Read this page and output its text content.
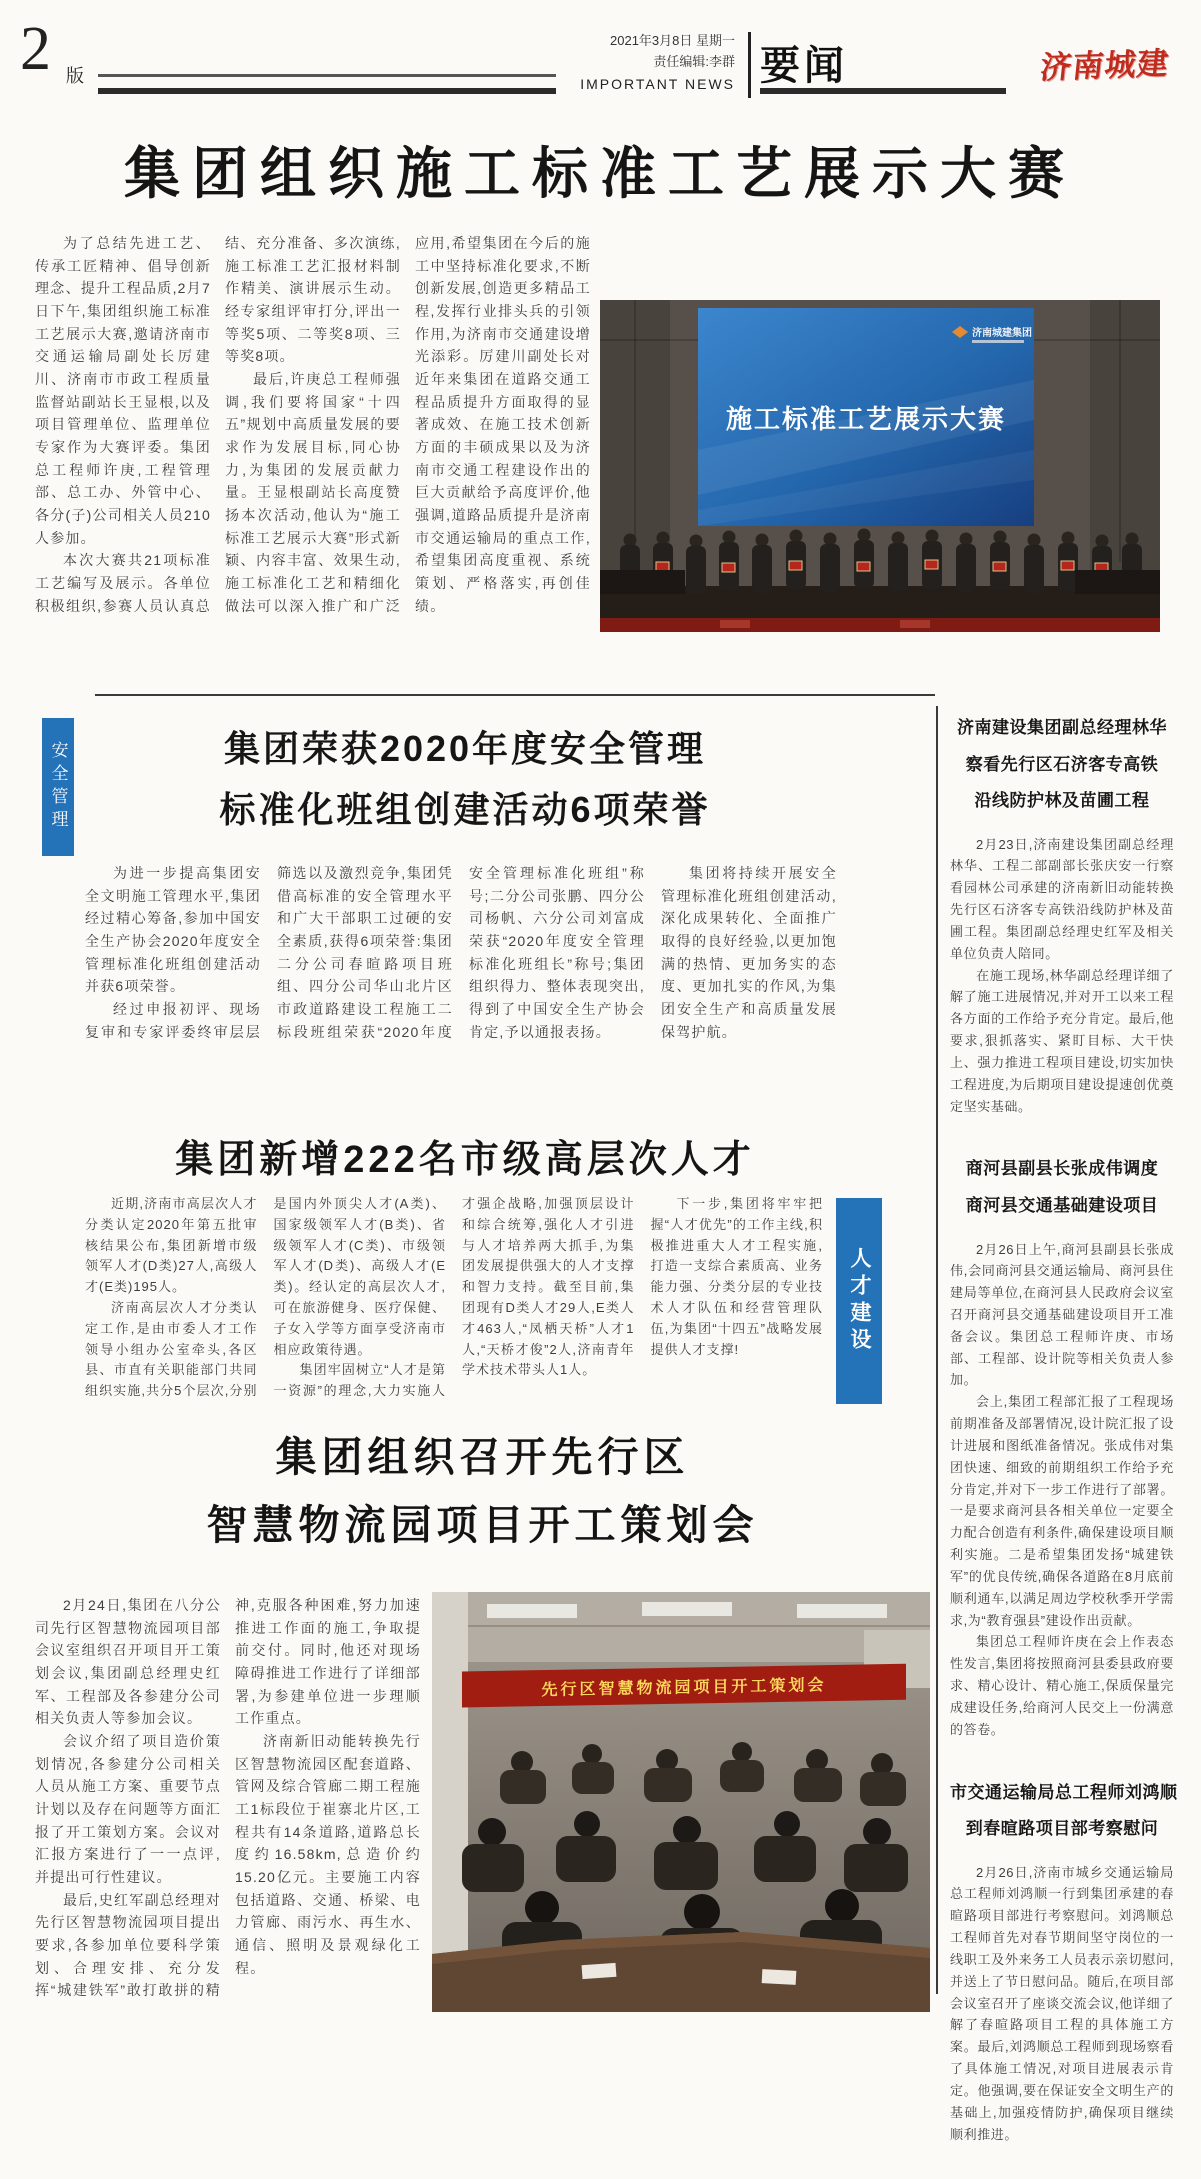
2 版
2021年3月8日 星期一
责任编辑:李群
IMPORTANT NEWS 要闻	济南城建
集团组织施工标准工艺展示大赛

为了总结先进工艺、传承工匠精神、倡导创新理念、提升工程品质,2月7日下午,集团组织施工标准工艺展示大赛,邀请济南市交通运输局副处长厉建川、济南市市政工程质量监督站副站长王显根,以及项目管理单位、监理单位专家作为大赛评委。集团总工程师许庚,工程管理部、总工办、外管中心、各分(子)公司相关人员210人参加。

本次大赛共21项标准工艺编写及展示。各单位积极组织,参赛人员认真总结、充分准备、多次演练,施工标准工艺汇报材料制作精美、演讲展示生动。经专家组评审打分,评出一等奖5项、二等奖8项、三等奖8项。

最后,许庚总工程师强调,我们要将国家“十四五”规划中高质量发展的要求作为发展目标,同心协力,为集团的发展贡献力量。王显根副站长高度赞扬本次活动,他认为“施工标准工艺展示大赛”形式新颖、内容丰富、效果生动,施工标准化工艺和精细化做法可以深入推广和广泛应用,希望集团在今后的施工中坚持标准化要求,不断创新发展,创造更多精品工程,发挥行业排头兵的引领作用,为济南市交通建设增光添彩。厉建川副处长对近年来集团在道路交通工程品质提升方面取得的显著成效、在施工技术创新方面的丰硕成果以及为济南市交通工程建设作出的巨大贡献给予高度评价,他强调,道路品质提升是济南市交通运输局的重点工作,希望集团高度重视、系统策划、严格落实,再创佳绩。

济南城建集团
施工标准工艺展示大赛
安全管理	集团荣获2020年度安全管理
标准化班组创建活动6项荣誉

为进一步提高集团安全文明施工管理水平,集团经过精心筹备,参加中国安全生产协会2020年度安全管理标准化班组创建活动并获6项荣誉。

经过申报初评、现场复审和专家评委终审层层筛选以及激烈竞争,集团凭借高标准的安全管理水平和广大干部职工过硬的安全素质,获得6项荣誉:集团二分公司春暄路项目班组、四分公司华山北片区市政道路建设工程施工二标段班组荣获“2020年度安全管理标准化班组”称号;二分公司张鹏、四分公司杨帆、六分公司刘富成荣获“2020年度安全管理标准化班组长”称号;集团组织得力、整体表现突出,得到了中国安全生产协会肯定,予以通报表扬。

集团将持续开展安全管理标准化班组创建活动,深化成果转化、全面推广取得的良好经验,以更加饱满的热情、更加务实的态度、更加扎实的作风,为集团安全生产和高质量发展保驾护航。

集团新增222名市级高层次人才
人才建设

近期,济南市高层次人才分类认定2020年第五批审核结果公布,集团新增市级领军人才(D类)27人,高级人才(E类)195人。

济南高层次人才分类认定工作,是由市委人才工作领导小组办公室牵头,各区县、市直有关职能部门共同组织实施,共分5个层次,分别是国内外顶尖人才(A类)、国家级领军人才(B类)、省级领军人才(C类)、市级领军人才(D类)、高级人才(E类)。经认定的高层次人才,可在旅游健身、医疗保健、子女入学等方面享受济南市相应政策待遇。

集团牢固树立“人才是第一资源”的理念,大力实施人才强企战略,加强顶层设计和综合统筹,强化人才引进与人才培养两大抓手,为集团发展提供强大的人才支撑和智力支持。截至目前,集团现有D类人才29人,E类人才463人,“凤栖天桥”人才1人,“天桥才俊”2人,济南青年学术技术带头人1人。

下一步,集团将牢牢把握“人才优先”的工作主线,积极推进重大人才工程实施,打造一支综合素质高、业务能力强、分类分层的专业技术人才队伍和经营管理队伍,为集团“十四五”战略发展提供人才支撑!

集团组织召开先行区
智慧物流园项目开工策划会

2月24日,集团在八分公司先行区智慧物流园项目部会议室组织召开项目开工策划会议,集团副总经理史红军、工程部及各参建分公司相关负责人等参加会议。

会议介绍了项目造价策划情况,各参建分公司相关人员从施工方案、重要节点计划以及存在问题等方面汇报了开工策划方案。会议对汇报方案进行了一一点评,并提出可行性建议。

最后,史红军副总经理对先行区智慧物流园项目提出要求,各参加单位要科学策划、合理安排、充分发挥“城建铁军”敢打敢拼的精神,克服各种困难,努力加速推进工作面的施工,争取提前交付。同时,他还对现场障碍推进工作进行了详细部署,为参建单位进一步理顺工作重点。

济南新旧动能转换先行区智慧物流园区配套道路、管网及综合管廊二期工程施工1标段位于崔寨北片区,工程共有14条道路,道路总长度约16.58km,总造价约15.20亿元。主要施工内容包括道路、交通、桥梁、电力管廊、雨污水、再生水、通信、照明及景观绿化工程。

先行区智慧物流园项目开工策划会
济南建设集团副总经理林华
察看先行区石济客专高铁
沿线防护林及苗圃工程

2月23日,济南建设集团副总经理林华、工程二部副部长张庆安一行察看园林公司承建的济南新旧动能转换先行区石济客专高铁沿线防护林及苗圃工程。集团副总经理史红军及相关单位负责人陪同。

在施工现场,林华副总经理详细了解了施工进展情况,并对开工以来工程各方面的工作给予充分肯定。最后,他要求,狠抓落实、紧盯目标、大干快上、强力推进工程项目建设,切实加快工程进度,为后期项目建设提速创优奠定坚实基础。

商河县副县长张成伟调度
商河县交通基础建设项目

2月26日上午,商河县副县长张成伟,会同商河县交通运输局、商河县住建局等单位,在商河县人民政府会议室召开商河县交通基础建设项目开工准备会议。集团总工程师许庚、市场部、工程部、设计院等相关负责人参加。

会上,集团工程部汇报了工程现场前期准备及部署情况,设计院汇报了设计进展和图纸准备情况。张成伟对集团快速、细致的前期组织工作给予充分肯定,并对下一步工作进行了部署。一是要求商河县各相关单位一定要全力配合创造有利条件,确保建设项目顺利实施。二是希望集团发扬“城建铁军”的优良传统,确保各道路在8月底前顺利通车,以满足周边学校秋季开学需求,为“教育强县”建设作出贡献。

集团总工程师许庚在会上作表态性发言,集团将按照商河县委县政府要求、精心设计、精心施工,保质保量完成建设任务,给商河人民交上一份满意的答卷。

市交通运输局总工程师刘鸿顺
到春暄路项目部考察慰问

2月26日,济南市城乡交通运输局总工程师刘鸿顺一行到集团承建的春暄路项目部进行考察慰问。刘鸿顺总工程师首先对春节期间坚守岗位的一线职工及外来务工人员表示亲切慰问,并送上了节日慰问品。随后,在项目部会议室召开了座谈交流会议,他详细了解了春暄路项目工程的具体施工方案。最后,刘鸿顺总工程师到现场察看了具体施工情况,对项目进展表示肯定。他强调,要在保证安全文明生产的基础上,加强疫情防护,确保项目继续顺利推进。
